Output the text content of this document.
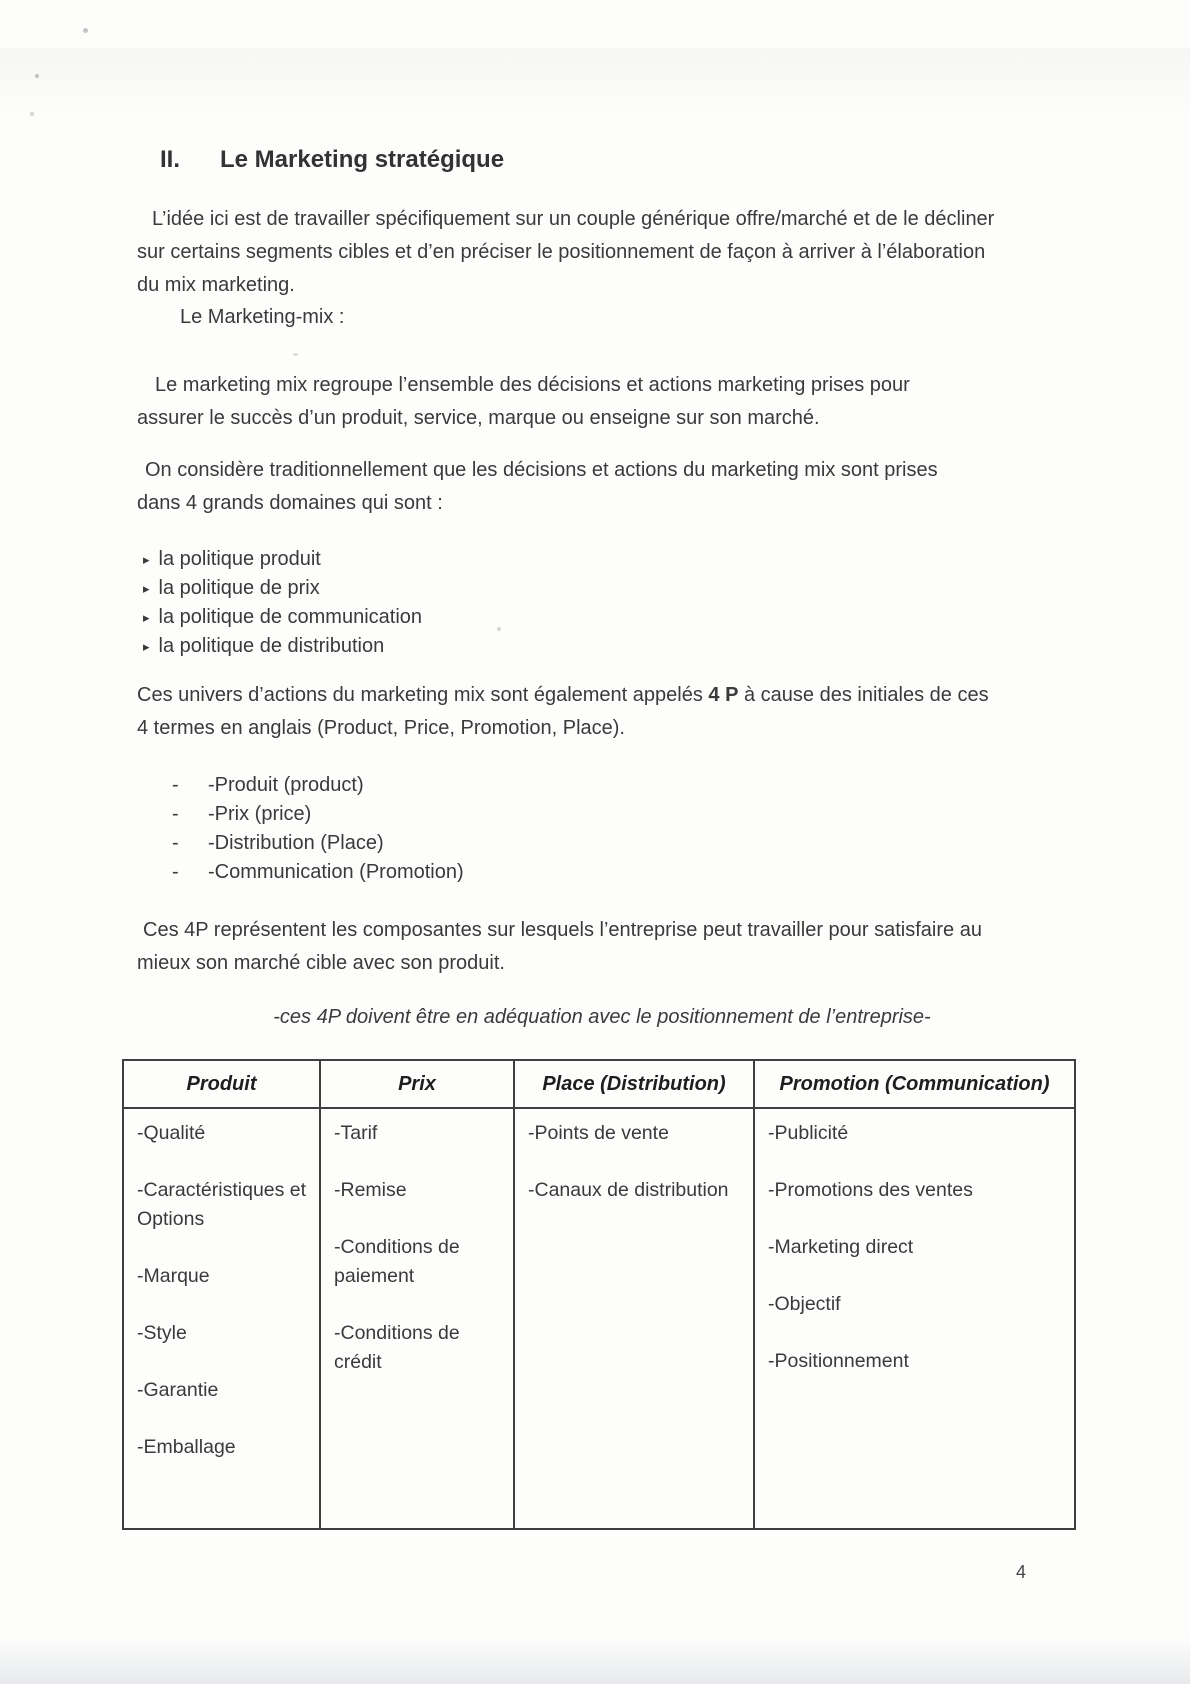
II.	Le Marketing stratégique

L’idée ici est de travailler spécifiquement sur un couple générique offre/marché et de le décliner sur certains segments cibles et d’en préciser le positionnement de façon à arriver à l’élaboration du mix marketing.

Le Marketing-mix :

Le marketing mix regroupe l’ensemble des décisions et actions marketing prises pour assurer le succès d’un produit, service, marque ou enseigne sur son marché.

On considère traditionnellement que les décisions et actions du marketing mix sont prises dans 4 grands domaines qui sont :

▸ la politique produit
▸ la politique de prix
▸ la politique de communication
▸ la politique de distribution

Ces univers d’actions du marketing mix sont également appelés 4 P à cause des initiales de ces 4 termes en anglais (Product, Price, Promotion, Place).

-	-Produit (product)
-	-Prix (price)
-	-Distribution (Place)
-	-Communication (Promotion)

Ces 4P représentent les composantes sur lesquels l’entreprise peut travailler pour satisfaire au mieux son marché cible avec son produit.

-ces 4P doivent être en adéquation avec le positionnement de l’entreprise-
Produit	Prix	Place (Distribution)	Promotion (Communication)

-Qualité
-Caractéristiques et Options
-Marque
-Style
-Garantie
-Emballage

-Tarif
-Remise
-Conditions de paiement
-Conditions de crédit

-Points de vente
-Canaux de distribution

-Publicité
-Promotions des ventes
-Marketing direct
-Objectif
-Positionnement
4
